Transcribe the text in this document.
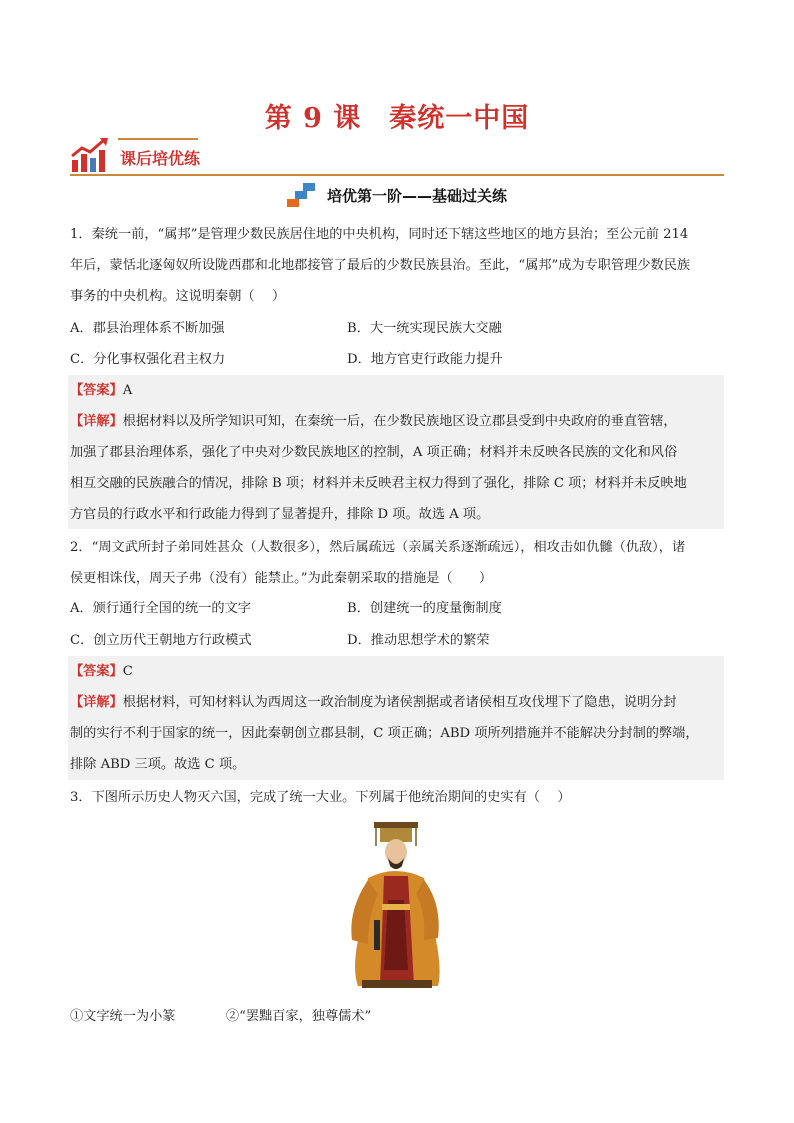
第 9 课　秦统一中国
课后培优练
培优第一阶——基础过关练
1．秦统一前，“属邦”是管理少数民族居住地的中央机构，同时还下辖这些地区的地方县治；至公元前 214
年后，蒙恬北逐匈奴所设陇西郡和北地郡接管了最后的少数民族县治。至此，“属邦”成为专职管理少数民族
事务的中央机构。这说明秦朝（　 ）
A．郡县治理体系不断加强	B．大一统实现民族大交融
C．分化事权强化君主权力	D．地方官吏行政能力提升
【答案】A
【详解】根据材料以及所学知识可知，在秦统一后，在少数民族地区设立郡县受到中央政府的垂直管辖，
加强了郡县治理体系，强化了中央对少数民族地区的控制，A 项正确；材料并未反映各民族的文化和风俗
相互交融的民族融合的情况，排除 B 项；材料并未反映君主权力得到了强化，排除 C 项；材料并未反映地
方官员的行政水平和行政能力得到了显著提升，排除 D 项。故选 A 项。
2．“周文武所封子弟同姓甚众（人数很多），然后属疏远（亲属关系逐渐疏远），相攻击如仇雠（仇敌），诸
侯更相诛伐，周天子弗（没有）能禁止。”为此秦朝采取的措施是（　　）
A．颁行通行全国的统一的文字	B．创建统一的度量衡制度
C．创立历代王朝地方行政模式	D．推动思想学术的繁荣
【答案】C
【详解】根据材料，可知材料认为西周这一政治制度为诸侯割据或者诸侯相互攻伐埋下了隐患，说明分封
制的实行不利于国家的统一，因此秦朝创立郡县制，C 项正确；ABD 项所列措施并不能解决分封制的弊端，
排除 ABD 三项。故选 C 项。
3．下图所示历史人物灭六国，完成了统一大业。下列属于他统治期间的史实有（　 ）
①文字统一为小篆	②“罢黜百家，独尊儒术”
